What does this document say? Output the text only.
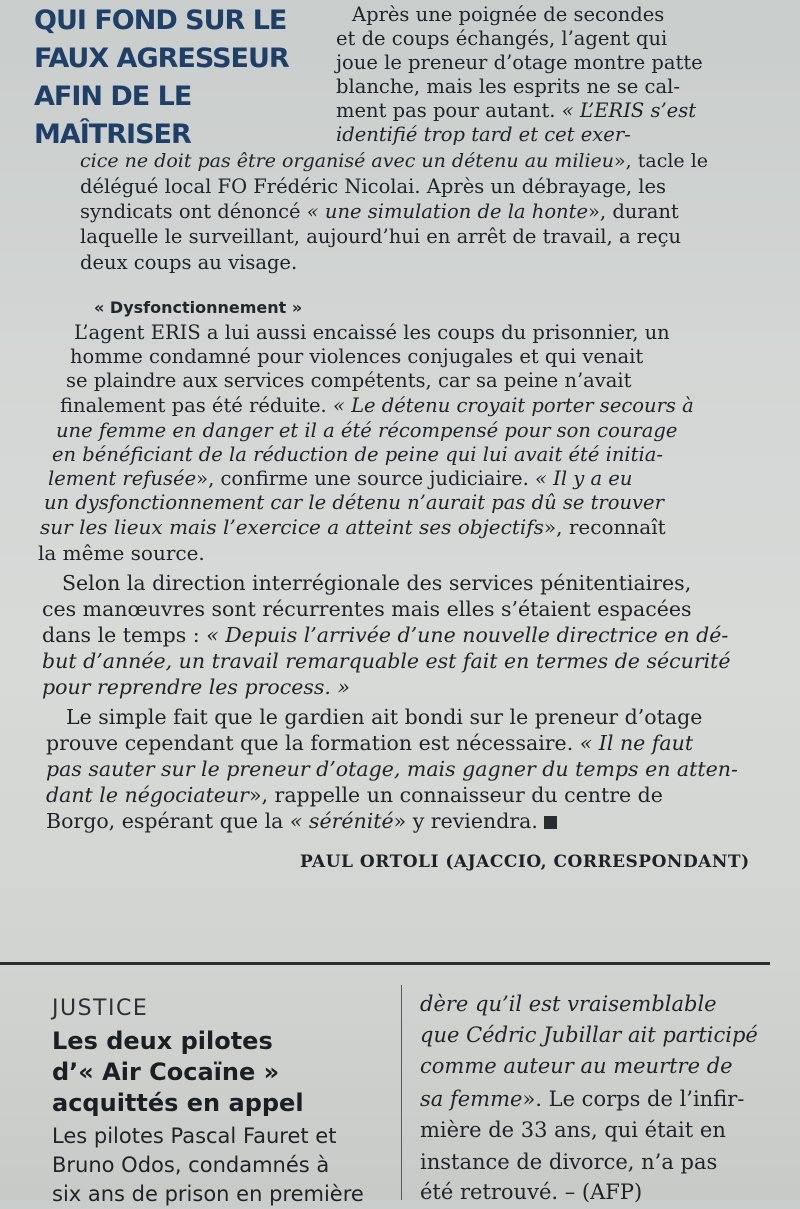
QUI FOND SUR LE
FAUX AGRESSEUR
AFIN DE LE MAÎTRISER
Après une poignée de secondes
et de coups échangés, l’agent qui
joue le preneur d’otage montre patte
blanche, mais les esprits ne se cal-
ment pas pour autant. « L’ERIS s’est
identifié trop tard et cet exer-
cice ne doit pas être organisé avec un détenu au milieu», tacle le
délégué local FO Frédéric Nicolai. Après un débrayage, les
syndicats ont dénoncé « une simulation de la honte», durant
laquelle le surveillant, aujourd’hui en arrêt de travail, a reçu
deux coups au visage.
« Dysfonctionnement »
L’agent ERIS a lui aussi encaissé les coups du prisonnier, un
homme condamné pour violences conjugales et qui venait
se plaindre aux services compétents, car sa peine n’avait
finalement pas été réduite. « Le détenu croyait porter secours à
une femme en danger et il a été récompensé pour son courage
en bénéficiant de la réduction de peine qui lui avait été initia-
lement refusée», confirme une source judiciaire. « Il y a eu
un dysfonctionnement car le détenu n’aurait pas dû se trouver
sur les lieux mais l’exercice a atteint ses objectifs», reconnaît
la même source.
Selon la direction interrégionale des services pénitentiaires,
ces manœuvres sont récurrentes mais elles s’étaient espacées
dans le temps : « Depuis l’arrivée d’une nouvelle directrice en dé-
but d’année, un travail remarquable est fait en termes de sécurité
pour reprendre les process. »
Le simple fait que le gardien ait bondi sur le preneur d’otage
prouve cependant que la formation est nécessaire. « Il ne faut
pas sauter sur le preneur d’otage, mais gagner du temps en atten-
dant le négociateur», rappelle un connaisseur du centre de
Borgo, espérant que la « sérénité» y reviendra.
PAUL ORTOLI (AJACCIO, CORRESPONDANT)
JUSTICE
Les deux pilotes
d’« Air Cocaïne »
acquittés en appel
Les pilotes Pascal Fauret et
Bruno Odos, condamnés à
six ans de prison en première
dère qu’il est vraisemblable
que Cédric Jubillar ait participé
comme auteur au meurtre de
sa femme». Le corps de l’infir-
mière de 33 ans, qui était en
instance de divorce, n’a pas
été retrouvé. – (AFP)
